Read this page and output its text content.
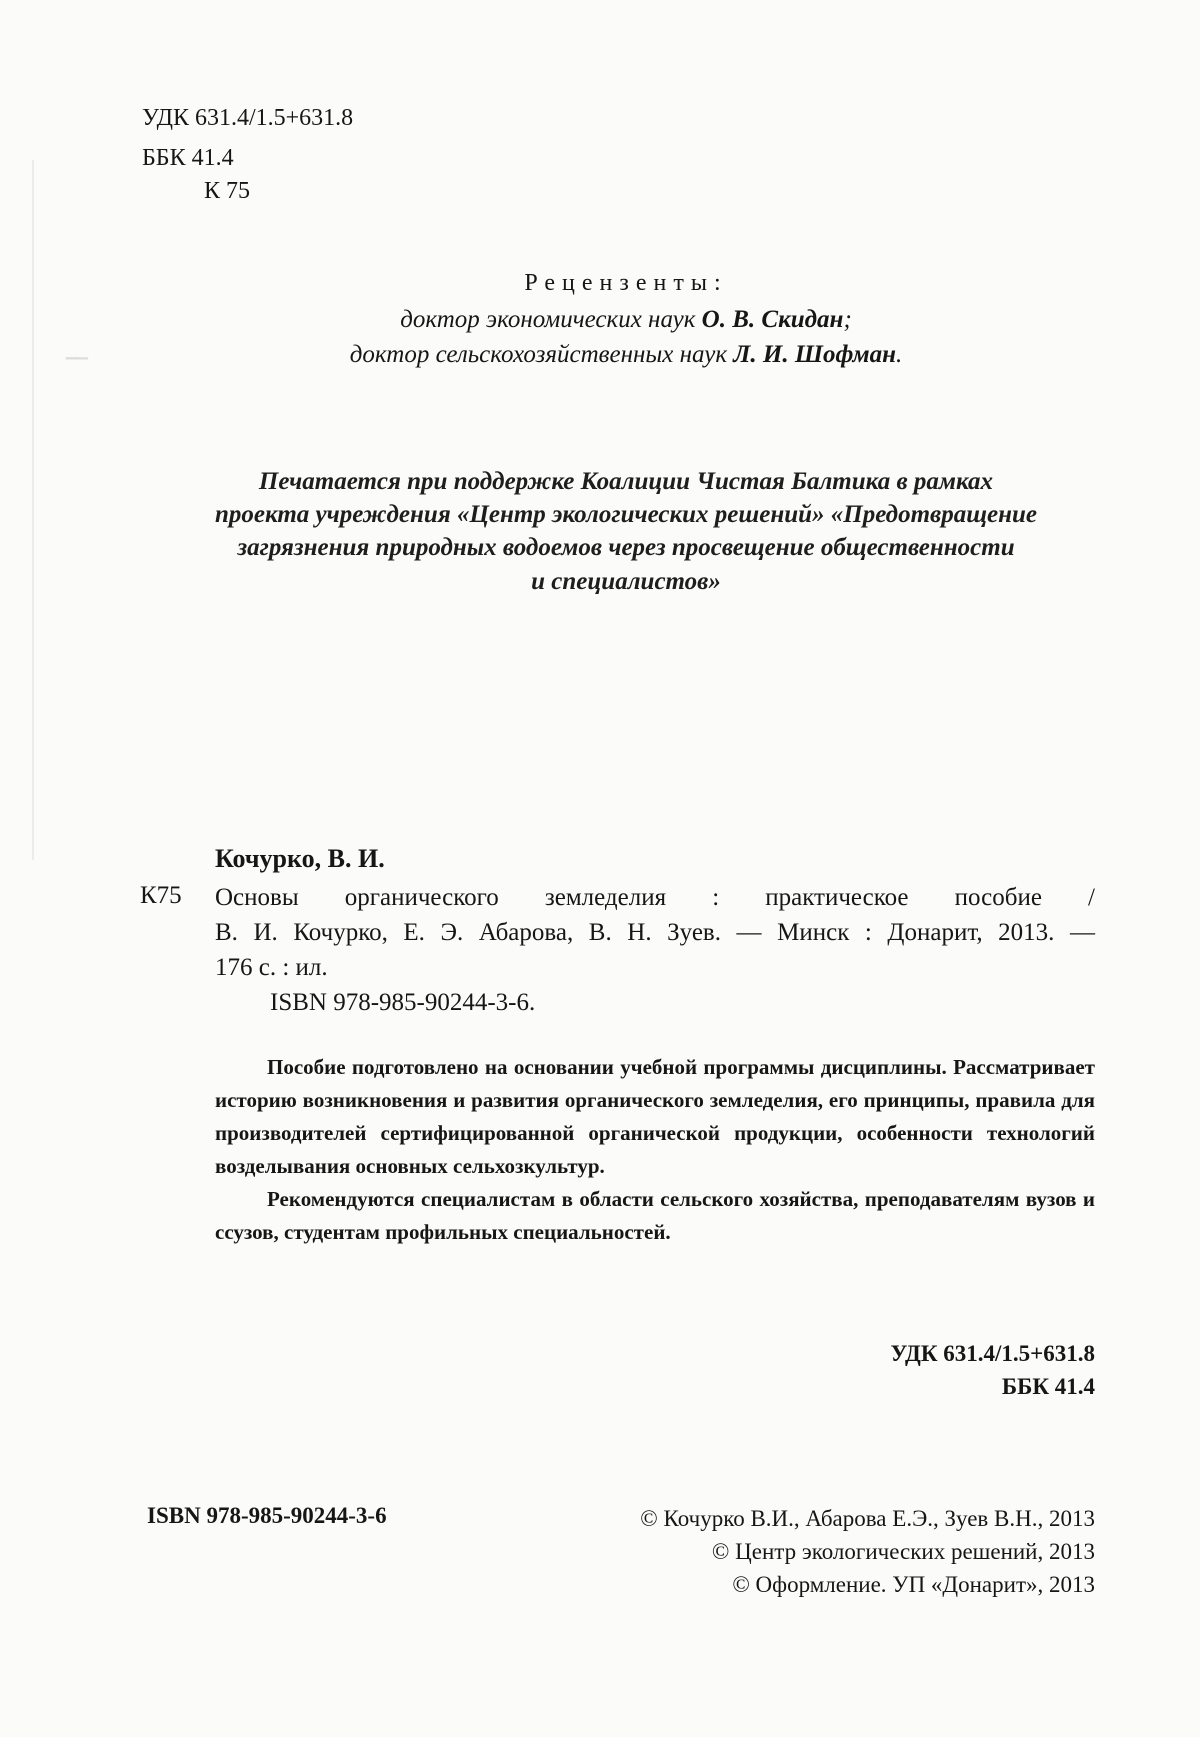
̵̵̵ ̵
УДК 631.4/1.5+631.8
ББК 41.4
К 75
Рецензенты:
доктор экономических наук О. В. Скидан;
доктор сельскохозяйственных наук Л. И. Шофман.
Печатается при поддержке Коалиции Чистая Балтика в рамках
проекта учреждения «Центр экологических решений» «Предотвращение
загрязнения природных водоемов через просвещение общественности
и специалистов»
Кочурко, В. И.
К75 Основы органического земледелия : практическое пособие /

В. И. Кочурко, Е. Э. Абарова, В. Н. Зуев. — Минск : Донарит, 2013. —

176 с. : ил.

ISBN 978-985-90244-3-6.

Пособие подготовлено на основании учебной программы дисциплины. Рассматривает историю возникновения и развития органического земледелия, его принципы, правила для производителей сертифицированной органической продукции, особенности технологий возделывания основных сельхозкультур.

Рекомендуются специалистам в области сельского хозяйства, преподавателям вузов и ссузов, студентам профильных специальностей.

УДК 631.4/1.5+631.8
ББК 41.4
ISBN 978-985-90244-3-6	© Кочурко В.И., Абарова Е.Э., Зуев В.Н., 2013
© Центр экологических решений, 2013
© Оформление. УП «Донарит», 2013
